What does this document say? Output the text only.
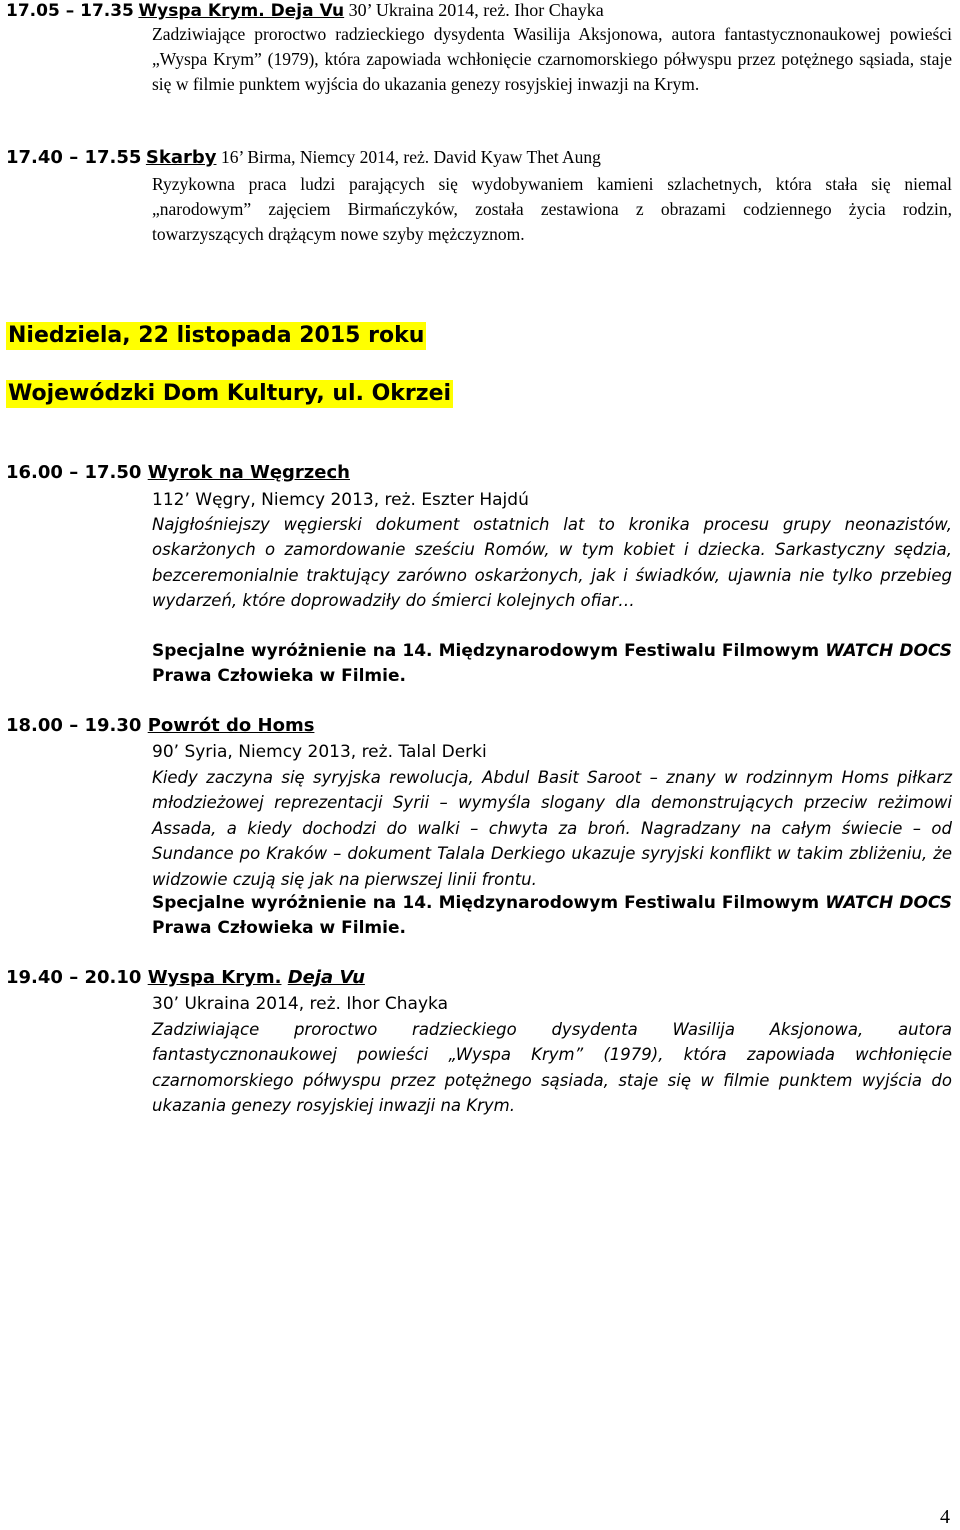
17.05 – 17.35 Wyspa Krym. Deja Vu 30’ Ukraina 2014, reż. Ihor Chayka
Zadziwiające proroctwo radzieckiego dysydenta Wasilija Aksjonowa, autora fantastycznonaukowej powieści „Wyspa Krym” (1979), która zapowiada wchłonięcie czarnomorskiego półwyspu przez potężnego sąsiada, staje się w filmie punktem wyjścia do ukazania genezy rosyjskiej inwazji na Krym.
17.40 – 17.55 Skarby 16’ Birma, Niemcy 2014, reż. David Kyaw Thet Aung
Ryzykowna praca ludzi parających się wydobywaniem kamieni szlachetnych, która stała się niemal „narodowym” zajęciem Birmańczyków, została zestawiona z obrazami codziennego życia rodzin, towarzyszących drążącym nowe szyby mężczyznom.
Niedziela, 22 listopada 2015 roku
Wojewódzki Dom Kultury, ul. Okrzei
16.00 – 17.50 Wyrok na Węgrzech
112’ Węgry, Niemcy 2013, reż. Eszter Hajdú
Najgłośniejszy węgierski dokument ostatnich lat to kronika procesu grupy neonazistów, oskarżonych o zamordowanie sześciu Romów, w tym kobiet i dziecka. Sarkastyczny sędzia, bezceremonialnie traktujący zarówno oskarżonych, jak i świadków, ujawnia nie tylko przebieg wydarzeń, które doprowadziły do śmierci kolejnych ofiar…
Specjalne wyróżnienie na 14. Międzynarodowym Festiwalu Filmowym WATCH DOCS Prawa Człowieka w Filmie.
18.00 – 19.30 Powrót do Homs
90’ Syria, Niemcy 2013, reż. Talal Derki
Kiedy zaczyna się syryjska rewolucja, Abdul Basit Saroot – znany w rodzinnym Homs piłkarz młodzieżowej reprezentacji Syrii – wymyśla slogany dla demonstrujących przeciw reżimowi Assada, a kiedy dochodzi do walki – chwyta za broń. Nagradzany na całym świecie – od Sundance po Kraków – dokument Talala Derkiego ukazuje syryjski konflikt w takim zbliżeniu, że widzowie czują się jak na pierwszej linii frontu.
Specjalne wyróżnienie na 14. Międzynarodowym Festiwalu Filmowym WATCH DOCS Prawa Człowieka w Filmie.
19.40 – 20.10 Wyspa Krym. Deja Vu
30’ Ukraina 2014, reż. Ihor Chayka
Zadziwiające proroctwo radzieckiego dysydenta Wasilija Aksjonowa, autora fantastycznonaukowej powieści „Wyspa Krym” (1979), która zapowiada wchłonięcie czarnomorskiego półwyspu przez potężnego sąsiada, staje się w filmie punktem wyjścia do ukazania genezy rosyjskiej inwazji na Krym.
4
